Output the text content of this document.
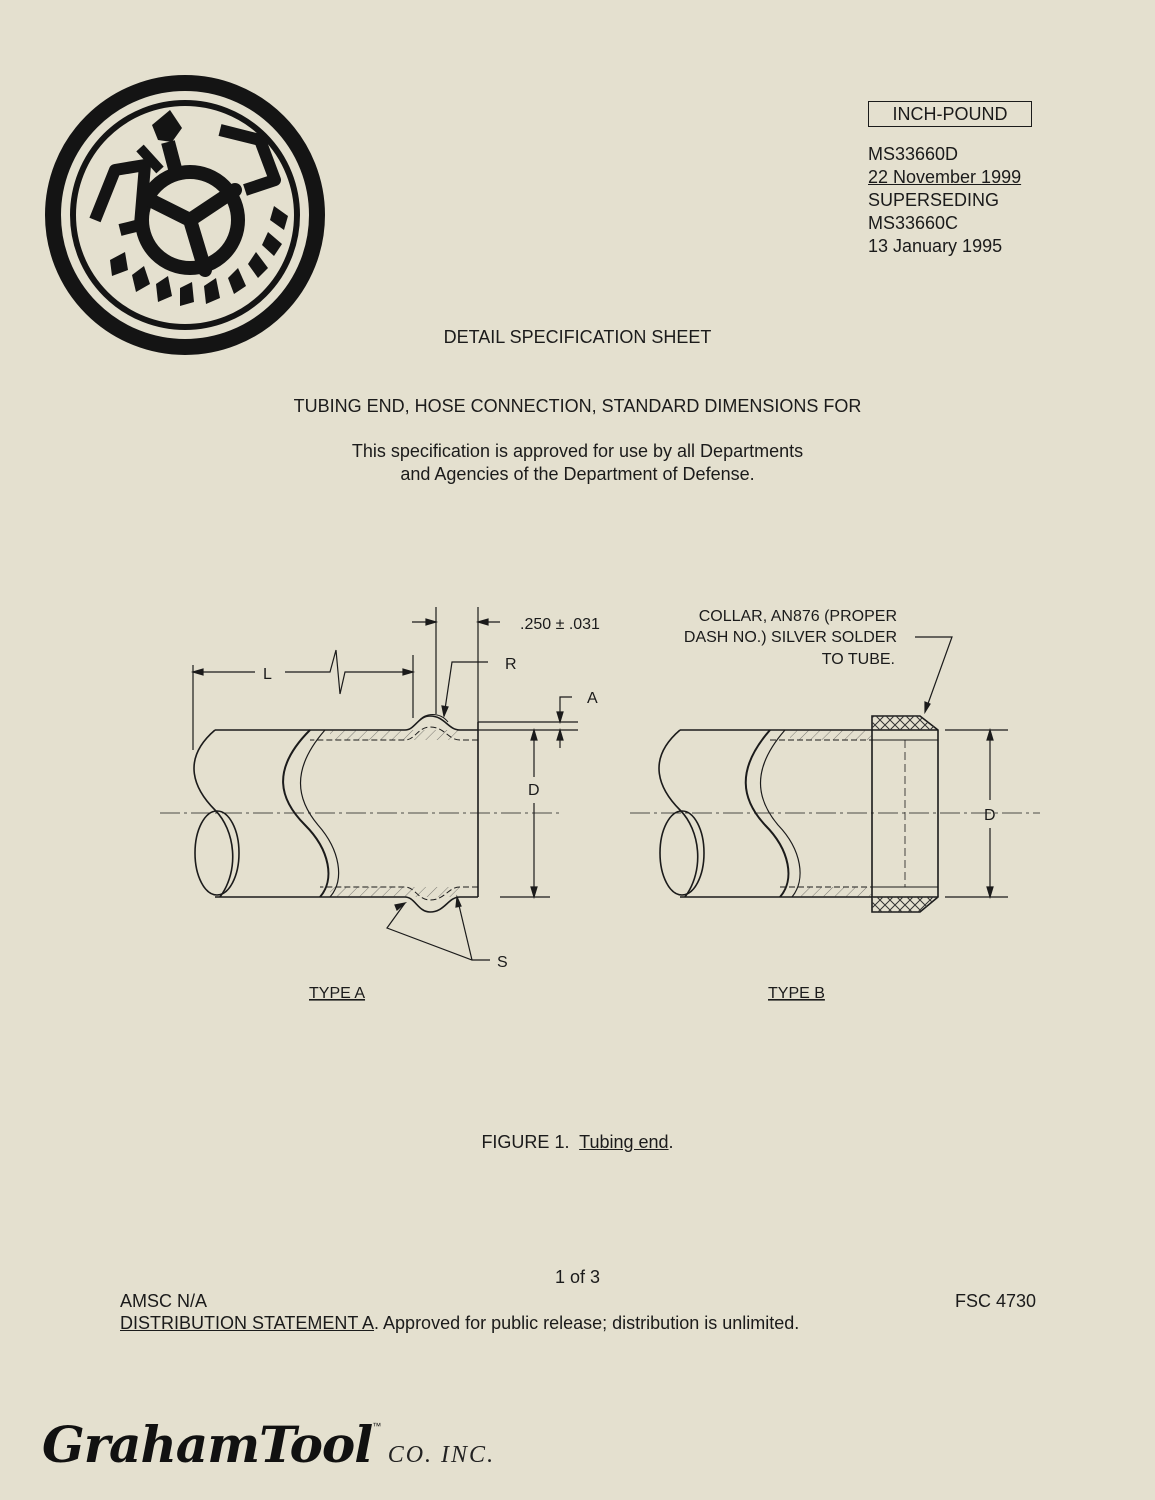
INCH-POUND
MS33660D
22 November 1999
SUPERSEDING
MS33660C
13 January 1995
DETAIL SPECIFICATION SHEET
TUBING END, HOSE CONNECTION, STANDARD DIMENSIONS FOR
This specification is approved for use by all Departments
and Agencies of the Department of Defense.
L
.250 ± .031
R
A
D
S
TYPE A
COLLAR, AN876 (PROPER
DASH NO.) SILVER SOLDER
TO TUBE.
D
TYPE B
FIGURE 1. Tubing end.
1 of 3
AMSC N/A	FSC 4730
DISTRIBUTION STATEMENT A. Approved for public release; distribution is unlimited.
GrahamTool™ CO. INC.
